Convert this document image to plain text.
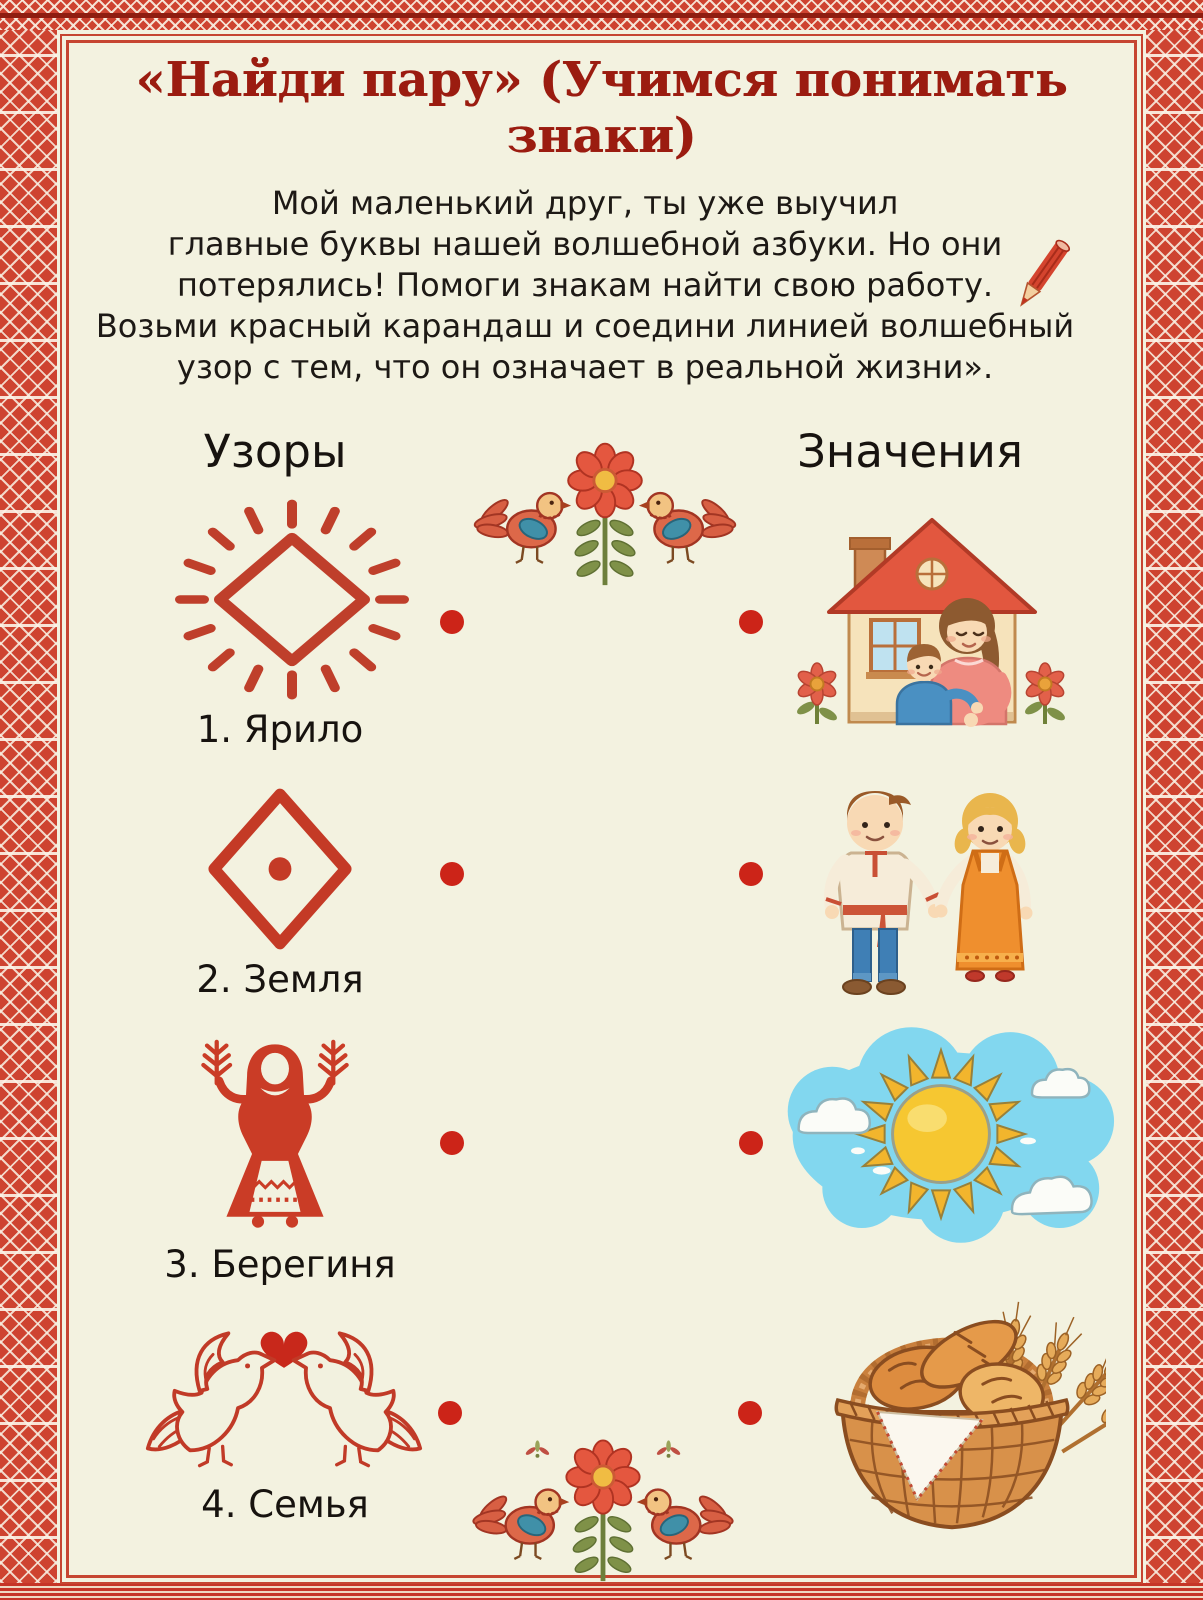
«Найди пару» (Учимся понимать знаки)
Мой маленький друг, ты уже выучил
главные буквы нашей волшебной азбуки. Но они
потерялись! Помоги знакам найти свою работу.
Возьми красный карандаш и соедини линией волшебный
узор с тем, что он означает в реальной жизни».
Узоры	Значения
1. Ярило
2. Земля
3. Берегиня
4. Семья
